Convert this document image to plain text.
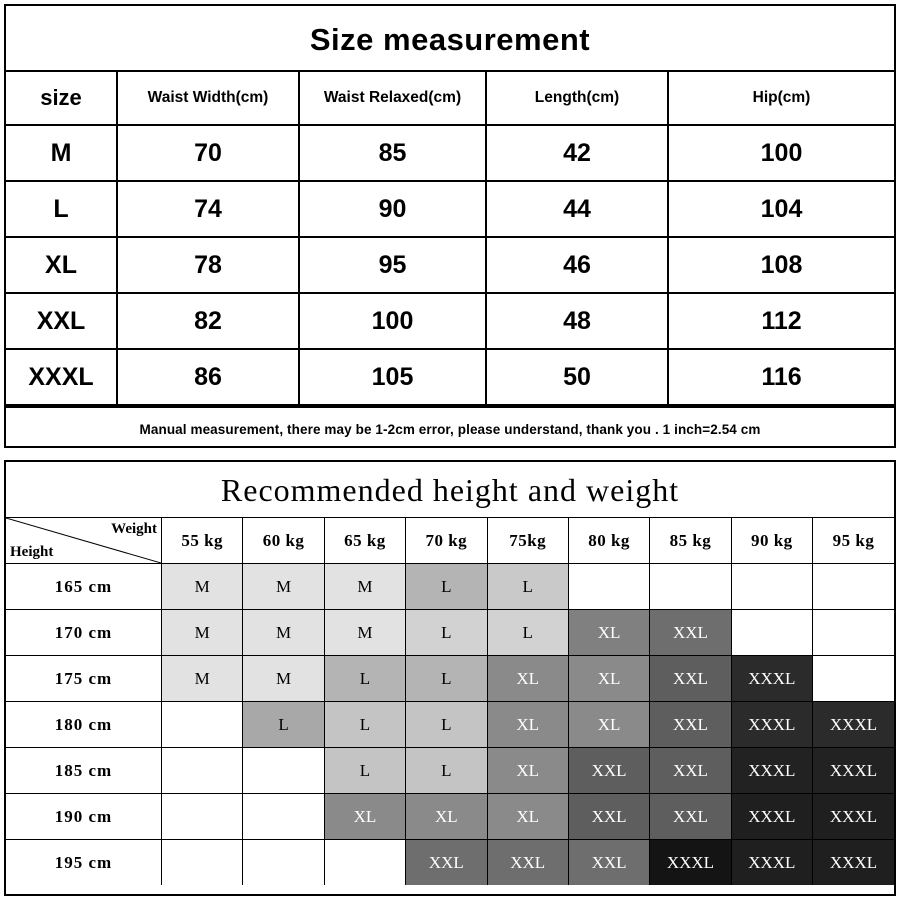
Size measurement
size	Waist Width(cm)	Waist Relaxed(cm)	Length(cm)	Hip(cm)
M	70	85	42	100
L	74	90	44	104
XL	78	95	46	108
XXL	82	100	48	112
XXXL	86	105	50	116
Manual measurement, there may be 1-2cm error, please understand, thank you . 1 inch=2.54 cm
Recommended height and weight
Weight
Height	55 kg	60 kg	65 kg	70 kg	75kg	80 kg	85 kg	90 kg	95 kg
165 cm	M	M	M	L	L				
170 cm	M	M	M	L	L	XL	XXL		
175 cm	M	M	L	L	XL	XL	XXL	XXXL	
180 cm		L	L	L	XL	XL	XXL	XXXL	XXXL
185 cm			L	L	XL	XXL	XXL	XXXL	XXXL
190 cm			XL	XL	XL	XXL	XXL	XXXL	XXXL
195 cm				XXL	XXL	XXL	XXXL	XXXL	XXXL
